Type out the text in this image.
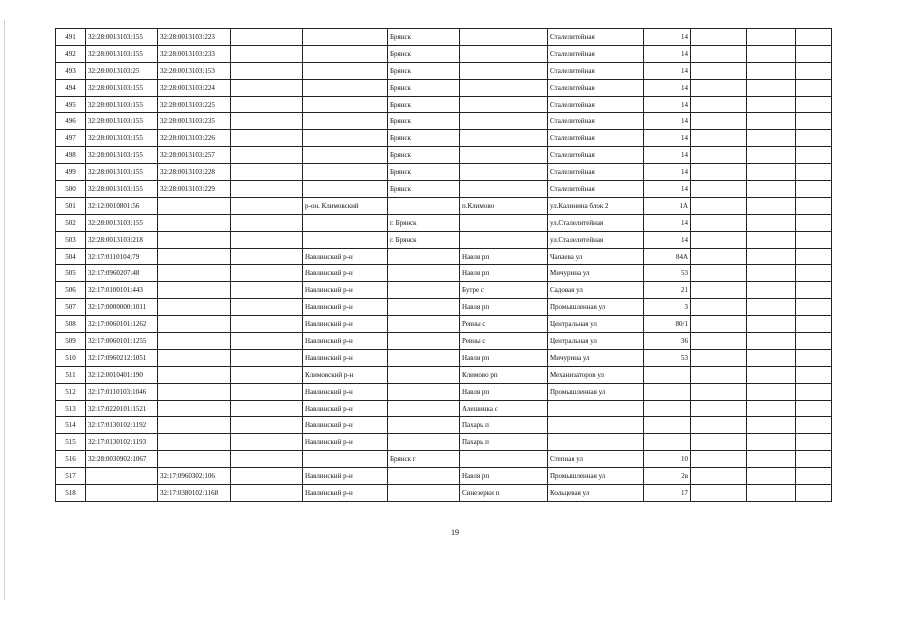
491	32:28:0013103:155	32:28:0013103:223			Брянск		Сталелитейная	14			
492	32:28:0013103:155	32:28:0013103:233			Брянск		Сталелитейная	14			
493	32:28:0013103:25	32:28:0013103:153			Брянск		Сталелитейная	14			
494	32:28:0013103:155	32:28:0013103:224			Брянск		Сталелитейная	14			
495	32:28:0013103:155	32:28:0013103:225			Брянск		Сталелитейная	14			
496	32:28:0013103:155	32:28:0013103:235			Брянск		Сталелитейная	14			
497	32:28:0013103:155	32:28:0013103:226			Брянск		Сталелитейная	14			
498	32:28:0013103:155	32:28:0013103:257			Брянск		Сталелитейная	14			
499	32:28:0013103:155	32:28:0013103:228			Брянск		Сталелитейная	14			
500	32:28:0013103:155	32:28:0013103:229			Брянск		Сталелитейная	14			
501	32:12:0010801:56			р-он. Климовский		п.Климово	ул.Калинина блок 2	1А			
502	32:28:0013103:155				г. Брянск		ул.Сталелитейная	14			
503	32:28:0013103:218				г. Брянск		ул.Сталелитейная	14			
504	32:17:0110104:79			Навлинский р-н		Навля рп	Чапаева ул	84А			
505	32:17:0960207:48			Навлинский р-н		Навля рп	Мичурина ул	53			
506	32:17:0100101:443			Навлинский р-н		Бутре с	Садовая ул	21			
507	32:17:0000000:1011			Навлинский р-н		Навля рп	Промышленная ул	3			
508	32:17:0060101:1262			Навлинский р-н		Ревны с	Центральная ул	80/1			
509	32:17:0060101:1255			Навлинский р-н		Ревны с	Центральная ул	36			
510	32:17:0960212:1051			Навлинский р-н		Навля рп	Мичурина ул	53			
511	32:12:0010401:190			Климовский р-н		Климово рп	Механизаторов ул				
512	32:17:0110103:1046			Навлинский р-н		Навля рп	Промышленная ул				
513	32:17:0220101:1521			Навлинский р-н		Алешинка с					
514	32:17:0130102:1192			Навлинский р-н		Пахарь п					
515	32:17:0130102:1193			Навлинский р-н		Пахарь п					
516	32:28:0030902:1067				Брянск г		Степная ул	10			
517		32:17:0960302:106		Навлинский р-н		Навля рп	Промышленная ул	2в			
518		32:17:0380102:1168		Навлинский р-н		Синезерки п	Кольцевая ул	17			
19
